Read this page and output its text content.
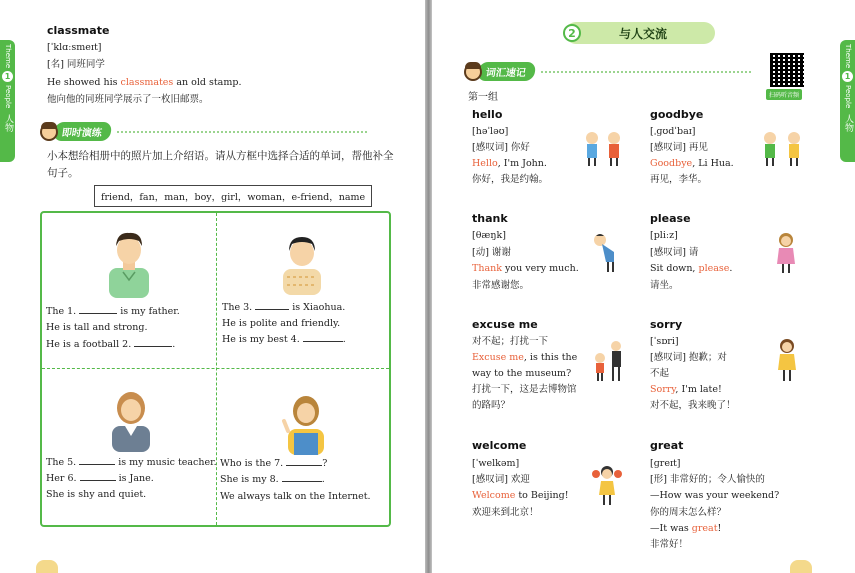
Theme
1
People
人物
classmate
[ˈklɑːsmeɪt]
[名] 同班同学
He showed his classmates an old stamp.
他向他的同班同学展示了一枚旧邮票。
即时演练
小本想给相册中的照片加上介绍语。请从方框中选择合适的单词，帮他补全
句子。
friend，fan，man，boy，girl，woman，e-friend，name
The 1.	is my father.
He is tall and strong.
He is a football 2.	.
The 3.	is Xiaohua.
He is polite and friendly.
He is my best 4.	.
The 5.	is my music teacher.
Her 6.	is Jane.
She is shy and quiet.
Who is the 7.	?
She is my 8.	.
We always talk on the Internet.
Theme
1
People
人物
扫码听音频
2	与人交流
词汇速记
第一组
hello
[həˈləʊ]
[感叹词] 你好
Hello, I'm John.
你好，我是约翰。
goodbye
[ˌɡʊdˈbaɪ]
[感叹词] 再见
Goodbye, Li Hua.
再见，李华。
thank
[θæŋk]
[动] 谢谢
Thank you very much.
非常感谢您。
please
[pliːz]
[感叹词] 请
Sit down, please.
请坐。
excuse me
对不起；打扰一下
Excuse me, is this the
way to the museum?
打扰一下，这是去博物馆
的路吗？
sorry
[ˈsɒri]
[感叹词] 抱歉；对
不起
Sorry, I'm late!
对不起，我来晚了！
welcome
[ˈwelkəm]
[感叹词] 欢迎
Welcome to Beijing!
欢迎来到北京！
great
[ɡreɪt]
[形] 非常好的；令人愉快的
—How was your weekend?
你的周末怎么样？
—It was great!
非常好！
